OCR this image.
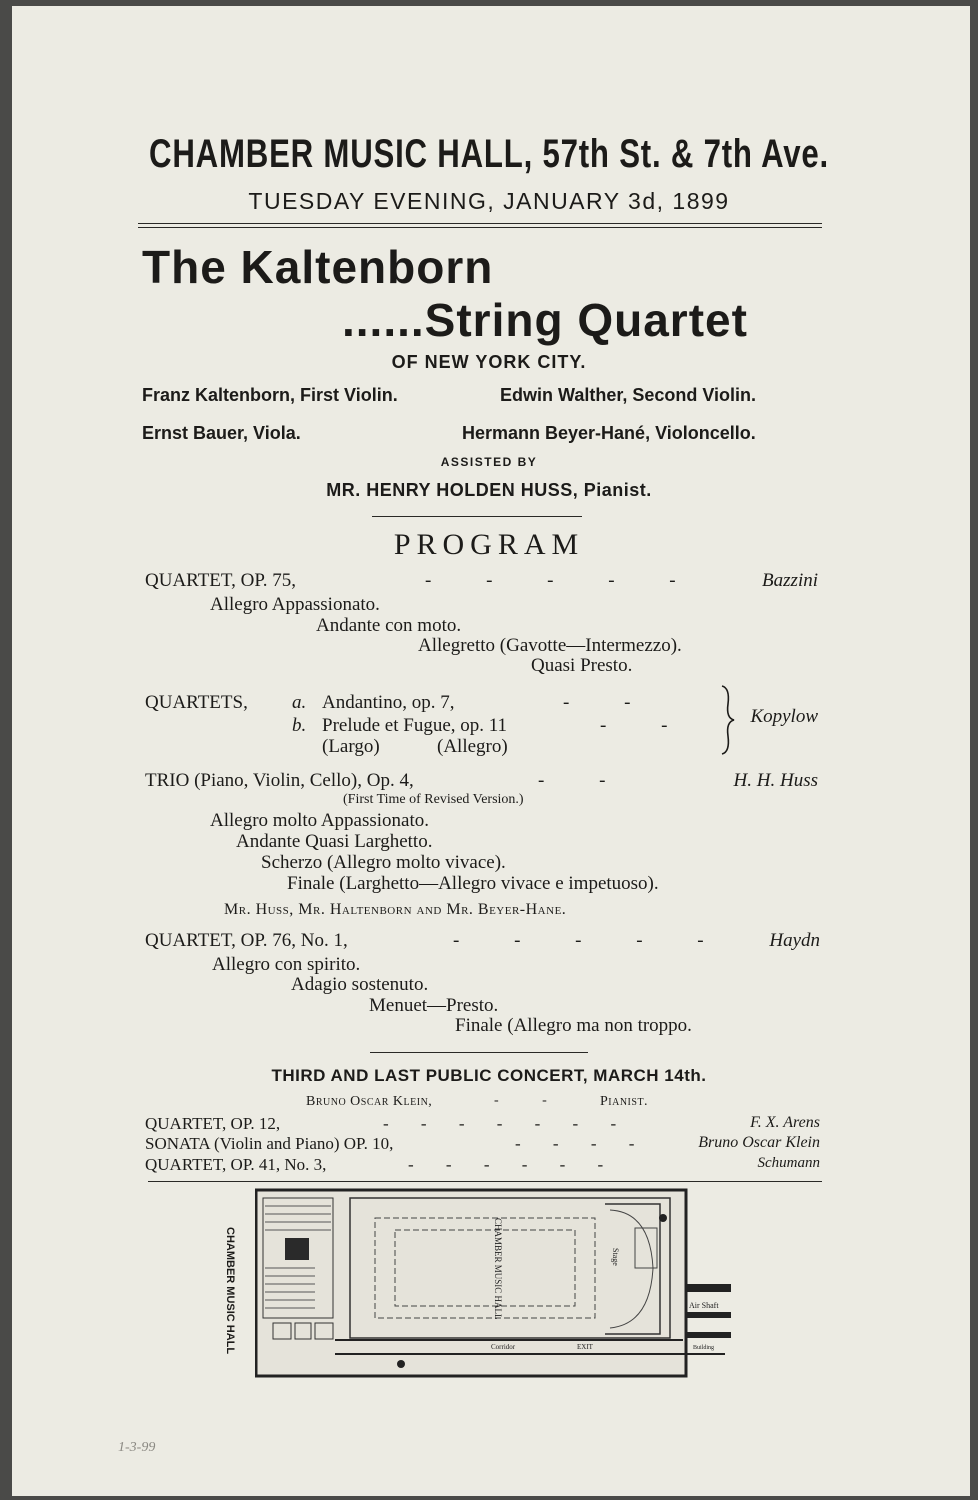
CHAMBER MUSIC HALL, 57th St. & 7th Ave.
TUESDAY EVENING, JANUARY 3d, 1899
The Kaltenborn
......String Quartet
OF NEW YORK CITY.
Franz Kaltenborn, First Violin.	Edwin Walther, Second Violin.
Ernst Bauer, Viola.	Hermann Beyer-Hané, Violoncello.
ASSISTED BY
MR. HENRY HOLDEN HUSS, Pianist.
PROGRAM
QUARTET, OP. 75,	- - - - -	Bazzini
Allegro Appassionato.
Andante con moto.
Allegretto (Gavotte—Intermezzo).
Quasi Presto.
QUARTETS, a. Andantino, op. 7,	- -
b. Prelude et Fugue, op. 11	- -
(Largo)	(Allegro)
Kopylow
TRIO (Piano, Violin, Cello), Op. 4,	- -	H. H. Huss
(First Time of Revised Version.)
Allegro molto Appassionato.
Andante Quasi Larghetto.
Scherzo (Allegro molto vivace).
Finale (Larghetto—Allegro vivace e impetuoso).
Mr. Huss, Mr. Haltenborn and Mr. Beyer-Hane.
QUARTET, OP. 76, No. 1,	- - - - -	Haydn
Allegro con spirito.
Adagio sostenuto.
Menuet—Presto.
Finale (Allegro ma non troppo.
THIRD AND LAST PUBLIC CONCERT, MARCH 14th.
Bruno Oscar Klein,	- -	Pianist.
QUARTET, OP. 12,	- - - - - - -	F. X. Arens
SONATA (Violin and Piano) OP. 10,	- - - -	Bruno Oscar Klein
QUARTET, OP. 41, No. 3,	- - - - - -	Schumann
CHAMBER MUSIC HALL	CHAMBER MUSIC HALL	Stage
Air Shaft
Corridor	EXIT	Building
1-3-99
